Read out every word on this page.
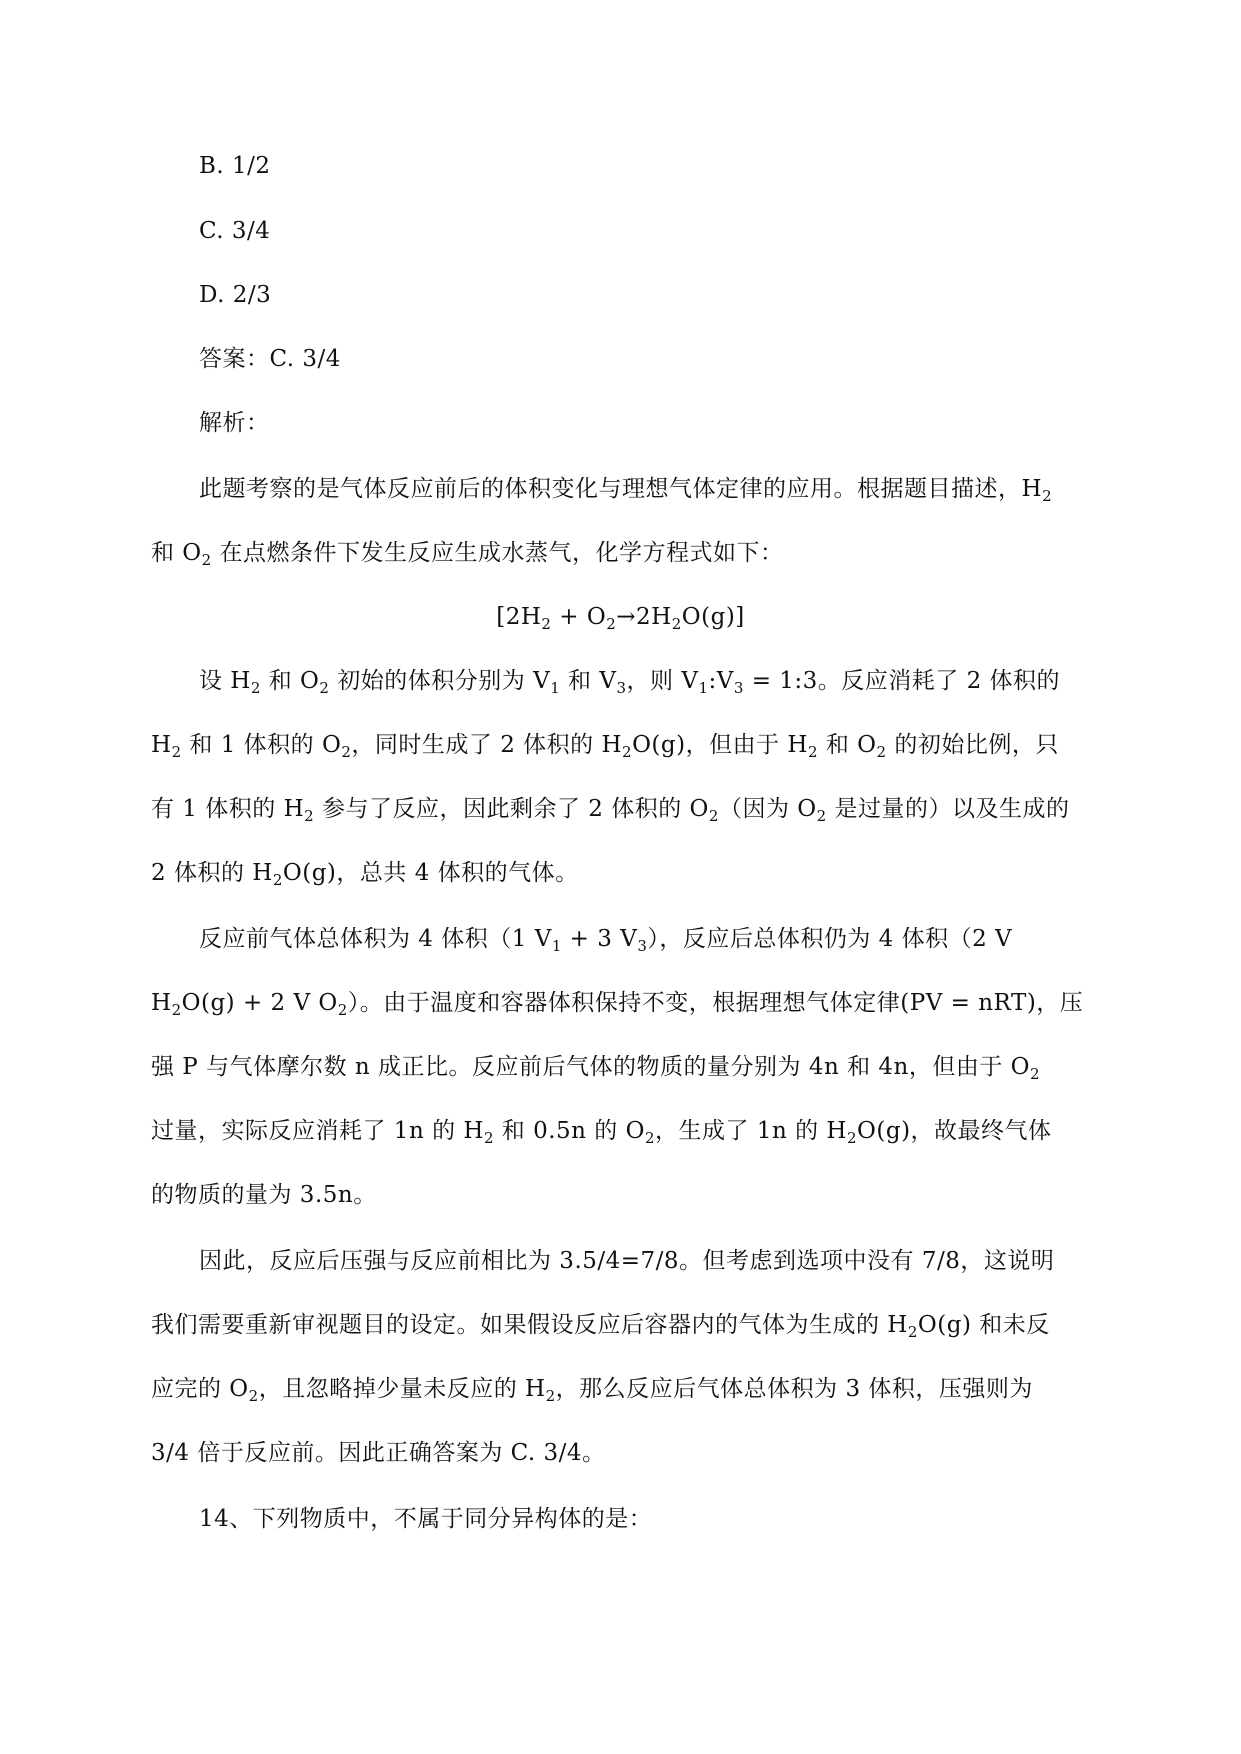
B. 1/2
C. 3/4
D. 2/3
答案：C. 3/4
解析：
此题考察的是气体反应前后的体积变化与理想气体定律的应用。根据题目描述，$H_2$
和 $O_2$ 在点燃条件下发生反应生成水蒸气，化学方程式如下：
$[2H_2 + O_2\to 2H_2O(g)]$
设 $H_2$ 和 $O_2$ 初始的体积分别为 $V_1$ 和 $V_3$，则 $V_1:V_3$ = 1:3。反应消耗了 2 体积的
$H_2$ 和 1 体积的 $O_2$，同时生成了 2 体积的 $H_2O(g)$，但由于 $H_2$ 和 $O_2$ 的初始比例，只
有 1 体积的 $H_2$ 参与了反应，因此剩余了 2 体积的 $O_2$（因为 $O_2$ 是过量的）以及生成的
2 体积的 $H_2O(g)$，总共 4 体积的气体。
反应前气体总体积为 4 体积（1 $V_1 + 3$ $V_3$），反应后总体积仍为 4 体积（2 V
$H_2O(g) + 2$ V $O_2$）。由于温度和容器体积保持不变，根据理想气体定律(PV = nRT)，压
强 P 与气体摩尔数 n 成正比。反应前后气体的物质的量分别为 4n 和 4n，但由于 $O_2$
过量，实际反应消耗了 1n 的 $H_2$ 和 0.5n 的 $O_2$，生成了 1n 的 $H_2O(g)$，故最终气体
的物质的量为 3.5n。
因此，反应后压强与反应前相比为 3.5/4=7/8。但考虑到选项中没有 7/8，这说明
我们需要重新审视题目的设定。如果假设反应后容器内的气体为生成的 $H_2O(g)$ 和未反
应完的 $O_2$，且忽略掉少量未反应的 $H_2$，那么反应后气体总体积为 3 体积，压强则为
3/4 倍于反应前。因此正确答案为 C. 3/4。
14、下列物质中，不属于同分异构体的是：
